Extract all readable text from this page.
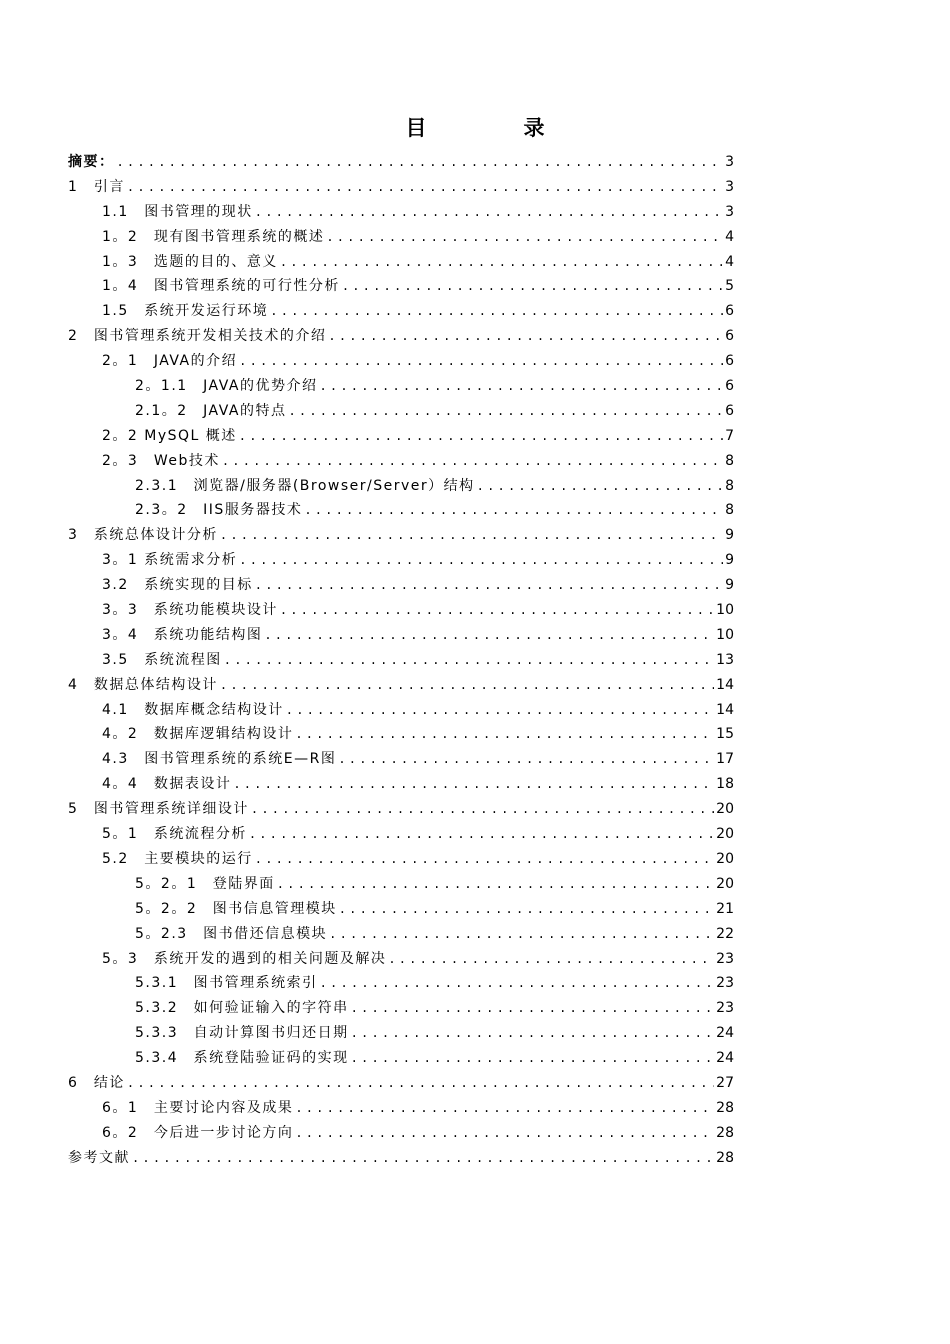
目　录
摘要： .....	3
1　引言 .....	3
1.1　图书管理的现状 .....	3
1。2　现有图书管理系统的概述 .....	4
1。3　选题的目的、意义 .....	4
1。4　图书管理系统的可行性分析 .....	5
1.5　系统开发运行环境 .....	6
2　图书管理系统开发相关技术的介绍 .....	6
2。1　JAVA的介绍 .....	6
2。1.1　JAVA的优势介绍 .....	6
2.1。2　JAVA的特点 .....	6
2。2 MySQL 概述 .....	7
2。3　Web技术 .....	8
2.3.1　浏览器/服务器(Browser/Server）结构 .....	8
2.3。2　IIS服务器技术 .....	8
3　系统总体设计分析 .....	9
3。1 系统需求分析 .....	9
3.2　系统实现的目标 .....	9
3。3　系统功能模块设计 .....	10
3。4　系统功能结构图 .....	10
3.5　系统流程图 .....	13
4　数据总体结构设计 .....	14
4.1　数据库概念结构设计 .....	14
4。2　数据库逻辑结构设计 .....	15
4.3　图书管理系统的系统E—R图 .....	17
4。4　数据表设计 .....	18
5　图书管理系统详细设计 .....	20
5。1　系统流程分析 .....	20
5.2　主要模块的运行 .....	20
5。2。1　登陆界面 .....	20
5。2。2　图书信息管理模块 .....	21
5。2.3　图书借还信息模块 .....	22
5。3　系统开发的遇到的相关问题及解决 .....	23
5.3.1　图书管理系统索引 .....	23
5.3.2　如何验证输入的字符串 .....	23
5.3.3　自动计算图书归还日期 .....	24
5.3.4　系统登陆验证码的实现 .....	24
6　结论 .....	27
6。1　主要讨论内容及成果 .....	28
6。2　今后进一步讨论方向 .....	28
参考文献 .....	28
